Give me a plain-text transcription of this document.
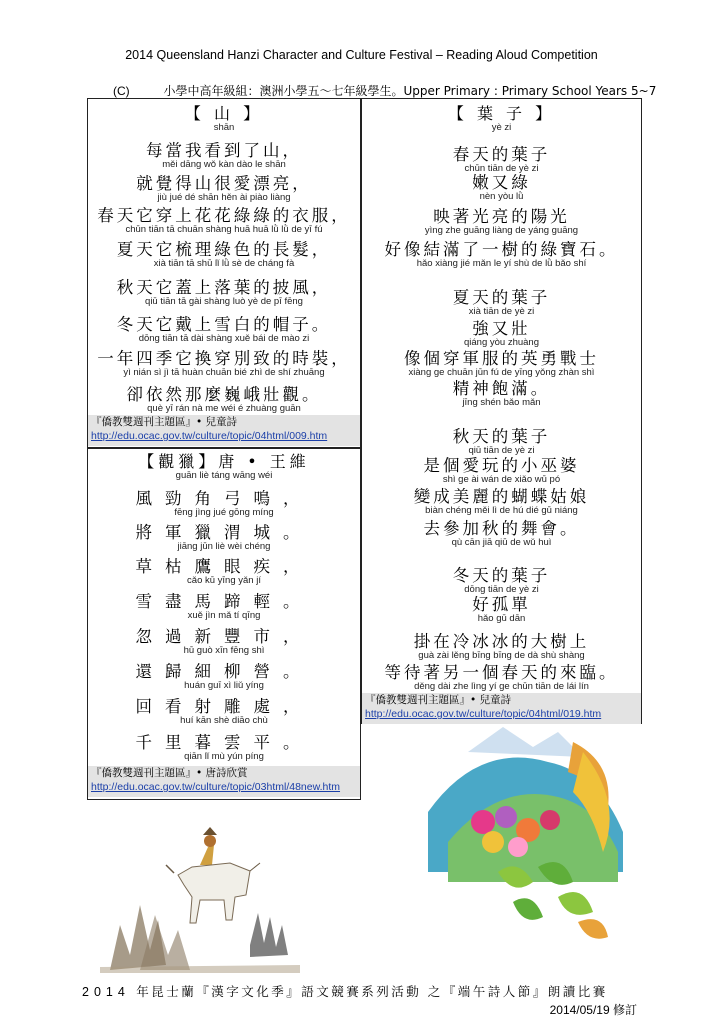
2014 Queensland Hanzi Character and Culture Festival – Reading Aloud Competition
(C)	小學中高年級組：澳洲小學五～七年級學生。Upper Primary : Primary School Years 5~7
【 山 】
shān
每當我看到了山，
měi dāng wǒ kàn dào le shān
就覺得山很愛漂亮，
jiù jué dé shān hěn ài piào liàng
春天它穿上花花綠綠的衣服，
chūn tiān tā chuān shàng huā huā lǜ lǜ de yī fú
夏天它梳理綠色的長髮，
xià tiān tā shū lǐ lǜ sè de cháng fà
秋天它蓋上落葉的披風，
qiū tiān tā gài shàng luò yè de pī fēng
冬天它戴上雪白的帽子。
dōng tiān tā dài shàng xuě bái de mào zi
一年四季它換穿別致的時裝，
yì nián sì jì tā huàn chuān bié zhì de shí zhuāng
卻依然那麼巍峨壯觀。
què yī rán nà me wéi é zhuàng guān
『僑教雙週刊主題區』• 兒童詩
http://edu.ocac.gov.tw/culture/topic/04html/009.htm
【觀獵】唐 • 王維
guān liè táng wāng wéi
風勁角弓鳴，
fēng jìng jué gōng míng
將軍獵渭城。
jiāng jūn liè wèi chéng
草枯鷹眼疾，
cǎo kū yīng yǎn jí
雪盡馬蹄輕。
xuě jìn mǎ tí qīng
忽過新豐市，
hū guò xīn fēng shì
還歸細柳營。
huán guī xì liǔ yíng
回看射雕處，
huí kān shè diāo chù
千里暮雲平。
qiān lǐ mù yún píng
『僑教雙週刊主題區』• 唐詩欣賞
http://edu.ocac.gov.tw/culture/topic/03html/48new.htm
【 葉 子 】
yè zi
春天的葉子
chūn tiān de yè zi
嫩又綠
nèn yòu lǜ
映著光亮的陽光
yìng zhe guāng liàng de yáng guāng
好像結滿了一樹的綠寶石。
hǎo xiàng jié mǎn le yí shù de lǜ bǎo shí
夏天的葉子
xià tiān de yè zi
強又壯
qiáng yòu zhuàng
像個穿軍服的英勇戰士
xiàng ge chuān jūn fú de yīng yǒng zhàn shì
精神飽滿。
jīng shén bǎo mǎn
秋天的葉子
qiū tiān de yè zi
是個愛玩的小巫婆
shì ge ài wán de xiǎo wū pó
變成美麗的蝴蝶姑娘
biàn chéng měi lì de hú dié gū niáng
去參加秋的舞會。
qù cān jiā qiū de wǔ huì
冬天的葉子
dōng tiān de yè zi
好孤單
hǎo gū dān
掛在冷冰冰的大樹上
guà zài lěng bīng bīng de dà shù shàng
等待著另一個春天的來臨。
děng dài zhe lìng yí ge chūn tiān de lái lín
『僑教雙週刊主題區』• 兒童詩
http://edu.ocac.gov.tw/culture/topic/04html/019.htm
2014 年昆士蘭『漢字文化季』語文競賽系列活動 之『端午詩人節』朗讀比賽
2014/05/19 修訂
